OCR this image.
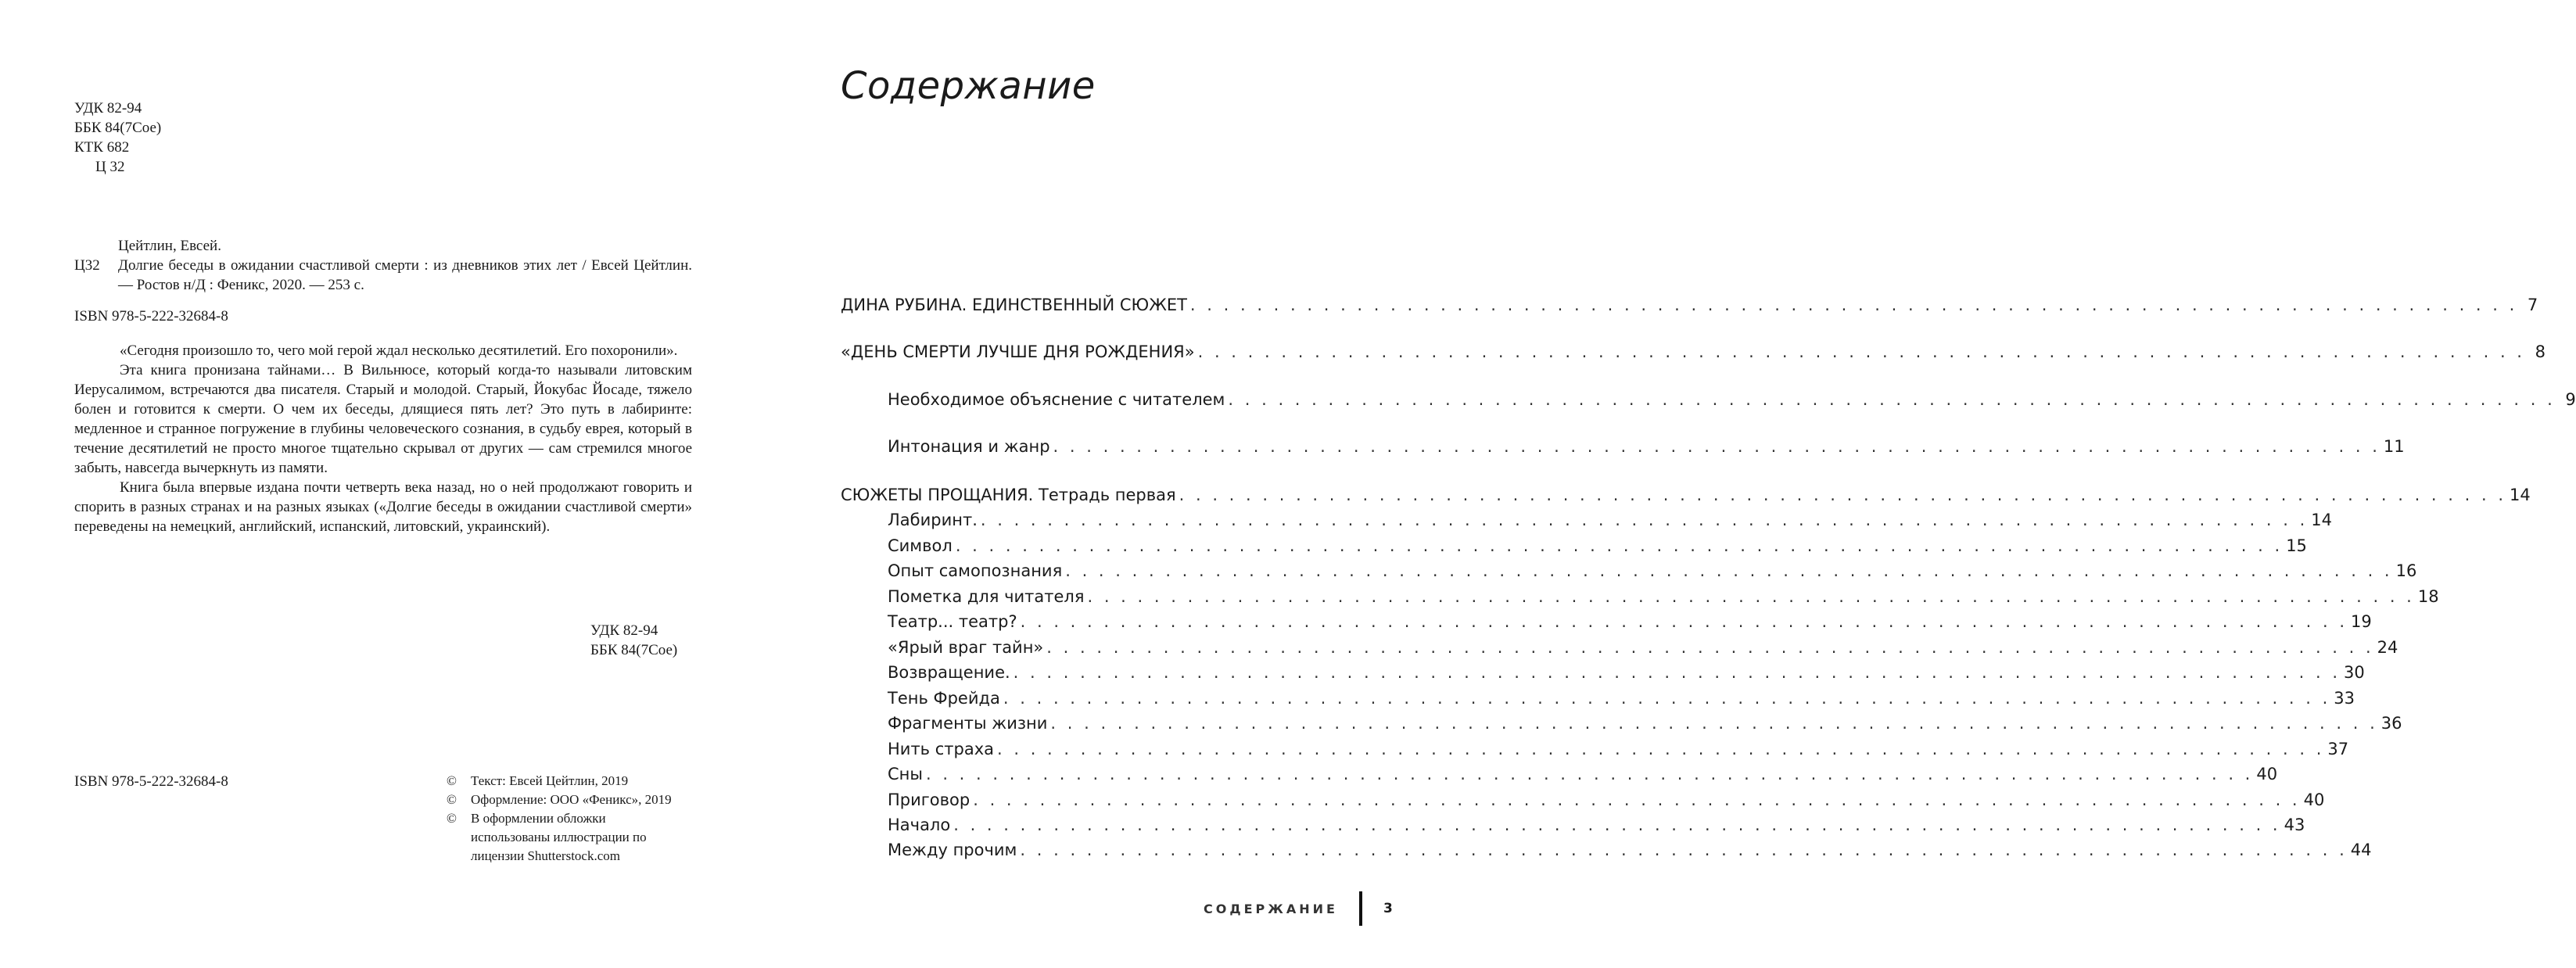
УДК 82-94
ББК 84(7Сое)
КТК 682
Ц 32
Цейтлин, Евсей.
Ц32	Долгие беседы в ожидании счастливой смерти : из дневников этих лет / Евсей Цейтлин. — Ростов н/Д : Феникс, 2020. — 253 с.
ISBN 978-5-222-32684-8

«Сегодня произошло то, чего мой герой ждал несколько десятилетий. Его похоронили».

Эта книга пронизана тайнами… В Вильнюсе, который когда-то называли литовским Иерусалимом, встречаются два писателя. Старый и молодой. Старый, Йокубас Йосаде, тяжело болен и готовится к смерти. О чем их беседы, длящиеся пять лет? Это путь в лабиринте: медленное и странное погружение в глубины человеческого сознания, в судьбу еврея, который в течение десятилетий не просто многое тщательно скрывал от других — сам стремился многое забыть, навсегда вычеркнуть из памяти.

Книга была впервые издана почти четверть века назад, но о ней продолжают говорить и спорить в разных странах и на разных языках («Долгие беседы в ожидании счастливой смерти» переведены на немецкий, английский, испанский, литовский, украинский).

УДК 82-94
ББК 84(7Сое)
ISBN 978-5-222-32684-8	©	Текст: Евсей Цейтлин, 2019
©	Оформление: ООО «Феникс», 2019
©	В оформлении обложки использованы иллюстрации по лицензии Shutterstock.com
Содержание
ДИНА РУБИНА. ЕДИНСТВЕННЫЙ СЮЖЕТ . . . . . . . . . . . . . . . . . . . . . . . . . . . . . . . . . . . . . . . . . . . . . . . . . . . . . . . . . . . . . . . . . . . . . . . . . . . . . . . . 7
«ДЕНЬ СМЕРТИ ЛУЧШЕ ДНЯ РОЖДЕНИЯ» . . . . . . . . . . . . . . . . . . . . . . . . . . . . . . . . . . . . . . . . . . . . . . . . . . . . . . . . . . . . . . . . . . . . . . . . . . . . . . . . 8
Необходимое объяснение с читателем . . . . . . . . . . . . . . . . . . . . . . . . . . . . . . . . . . . . . . . . . . . . . . . . . . . . . . . . . . . . . . . . . . . . . . . . . . . . . . . . 9
Интонация и жанр . . . . . . . . . . . . . . . . . . . . . . . . . . . . . . . . . . . . . . . . . . . . . . . . . . . . . . . . . . . . . . . . . . . . . . . . . . . . . . . . 11
СЮЖЕТЫ ПРОЩАНИЯ. Тетрадь первая . . . . . . . . . . . . . . . . . . . . . . . . . . . . . . . . . . . . . . . . . . . . . . . . . . . . . . . . . . . . . . . . . . . . . . . . . . . . . . . . 14
Лабиринт. . . . . . . . . . . . . . . . . . . . . . . . . . . . . . . . . . . . . . . . . . . . . . . . . . . . . . . . . . . . . . . . . . . . . . . . . . . . . . . . . 14
Символ . . . . . . . . . . . . . . . . . . . . . . . . . . . . . . . . . . . . . . . . . . . . . . . . . . . . . . . . . . . . . . . . . . . . . . . . . . . . . . . . 15
Опыт самопознания . . . . . . . . . . . . . . . . . . . . . . . . . . . . . . . . . . . . . . . . . . . . . . . . . . . . . . . . . . . . . . . . . . . . . . . . . . . . . . . . 16
Пометка для читателя . . . . . . . . . . . . . . . . . . . . . . . . . . . . . . . . . . . . . . . . . . . . . . . . . . . . . . . . . . . . . . . . . . . . . . . . . . . . . . . . 18
Театр... театр? . . . . . . . . . . . . . . . . . . . . . . . . . . . . . . . . . . . . . . . . . . . . . . . . . . . . . . . . . . . . . . . . . . . . . . . . . . . . . . . . 19
«Ярый враг тайн» . . . . . . . . . . . . . . . . . . . . . . . . . . . . . . . . . . . . . . . . . . . . . . . . . . . . . . . . . . . . . . . . . . . . . . . . . . . . . . . . 24
Возвращение. . . . . . . . . . . . . . . . . . . . . . . . . . . . . . . . . . . . . . . . . . . . . . . . . . . . . . . . . . . . . . . . . . . . . . . . . . . . . . . . . 30
Тень Фрейда . . . . . . . . . . . . . . . . . . . . . . . . . . . . . . . . . . . . . . . . . . . . . . . . . . . . . . . . . . . . . . . . . . . . . . . . . . . . . . . . 33
Фрагменты жизни . . . . . . . . . . . . . . . . . . . . . . . . . . . . . . . . . . . . . . . . . . . . . . . . . . . . . . . . . . . . . . . . . . . . . . . . . . . . . . . . 36
Нить страха . . . . . . . . . . . . . . . . . . . . . . . . . . . . . . . . . . . . . . . . . . . . . . . . . . . . . . . . . . . . . . . . . . . . . . . . . . . . . . . . 37
Сны . . . . . . . . . . . . . . . . . . . . . . . . . . . . . . . . . . . . . . . . . . . . . . . . . . . . . . . . . . . . . . . . . . . . . . . . . . . . . . . . 40
Приговор . . . . . . . . . . . . . . . . . . . . . . . . . . . . . . . . . . . . . . . . . . . . . . . . . . . . . . . . . . . . . . . . . . . . . . . . . . . . . . . . 40
Начало . . . . . . . . . . . . . . . . . . . . . . . . . . . . . . . . . . . . . . . . . . . . . . . . . . . . . . . . . . . . . . . . . . . . . . . . . . . . . . . . 43
Между прочим . . . . . . . . . . . . . . . . . . . . . . . . . . . . . . . . . . . . . . . . . . . . . . . . . . . . . . . . . . . . . . . . . . . . . . . . . . . . . . . . 44
СОДЕРЖАНИЕ	3
